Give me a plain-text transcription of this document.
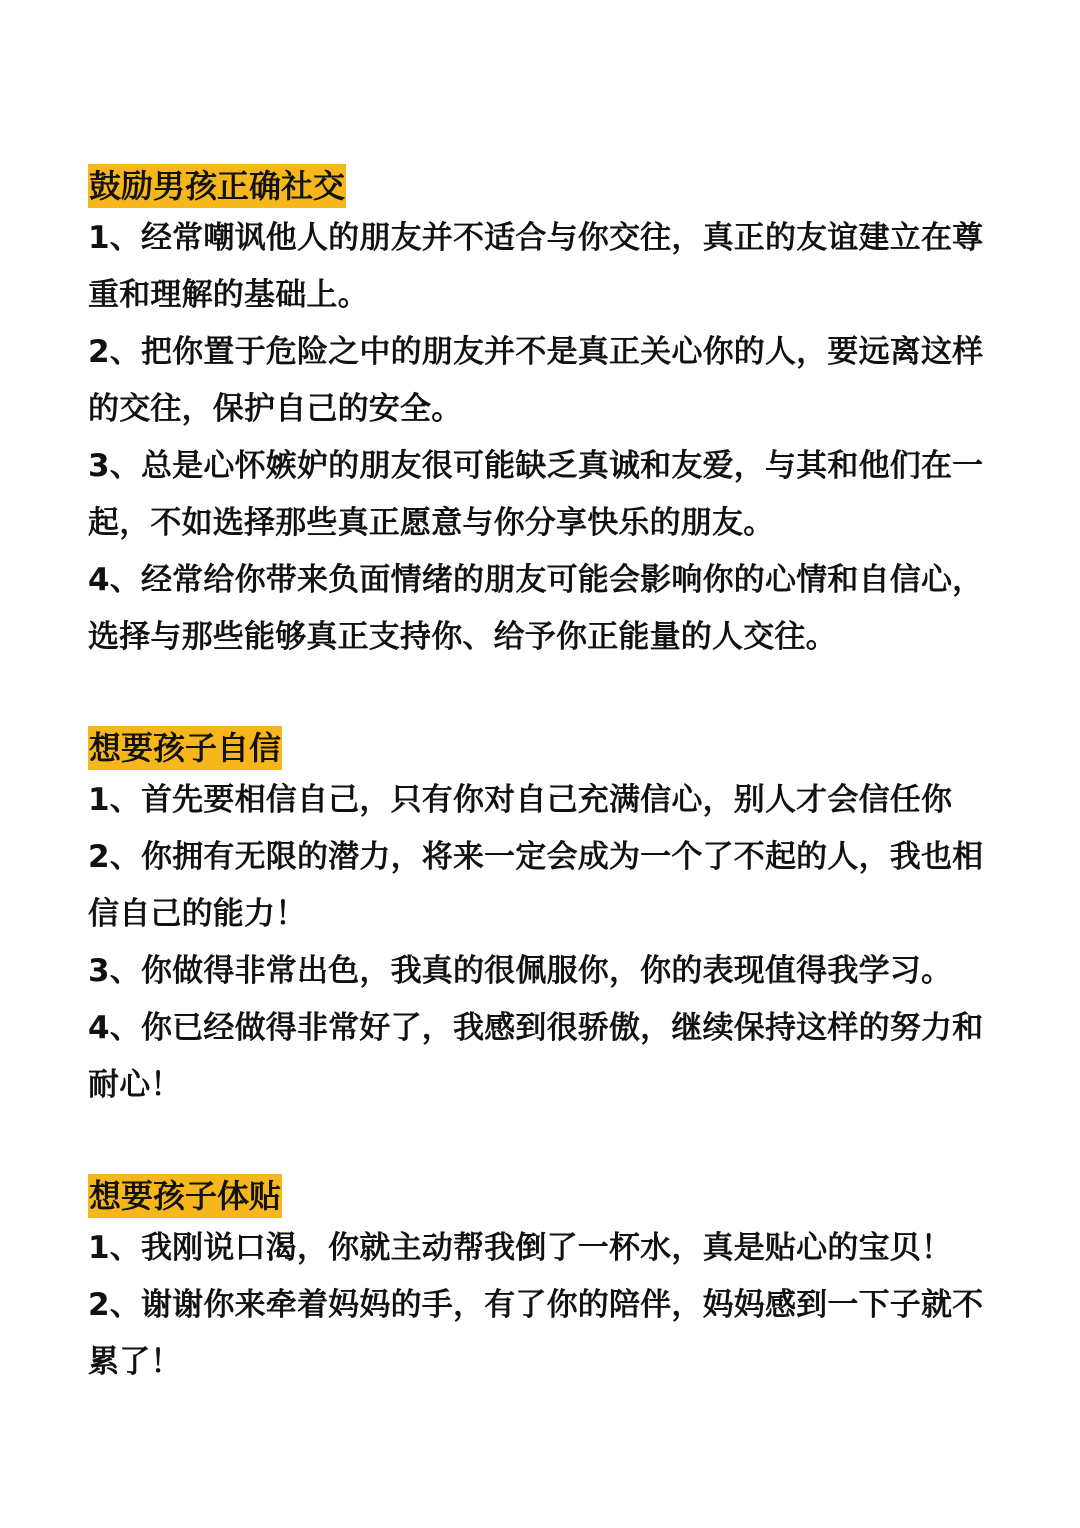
鼓励男孩正确社交

1、经常嘲讽他人的朋友并不适合与你交往，真正的友谊建立在尊重和理解的基础上。

2、把你置于危险之中的朋友并不是真正关心你的人，要远离这样的交往，保护自己的安全。

3、总是心怀嫉妒的朋友很可能缺乏真诚和友爱，与其和他们在一起，不如选择那些真正愿意与你分享快乐的朋友。

4、经常给你带来负面情绪的朋友可能会影响你的心情和自信心，选择与那些能够真正支持你、给予你正能量的人交往。

想要孩子自信

1、首先要相信自己，只有你对自己充满信心，别人才会信任你

2、你拥有无限的潜力，将来一定会成为一个了不起的人，我也相信自己的能力！

3、你做得非常出色，我真的很佩服你，你的表现值得我学习。

4、你已经做得非常好了，我感到很骄傲，继续保持这样的努力和耐心！

想要孩子体贴

1、我刚说口渴，你就主动帮我倒了一杯水，真是贴心的宝贝！

2、谢谢你来牵着妈妈的手，有了你的陪伴，妈妈感到一下子就不累了！
